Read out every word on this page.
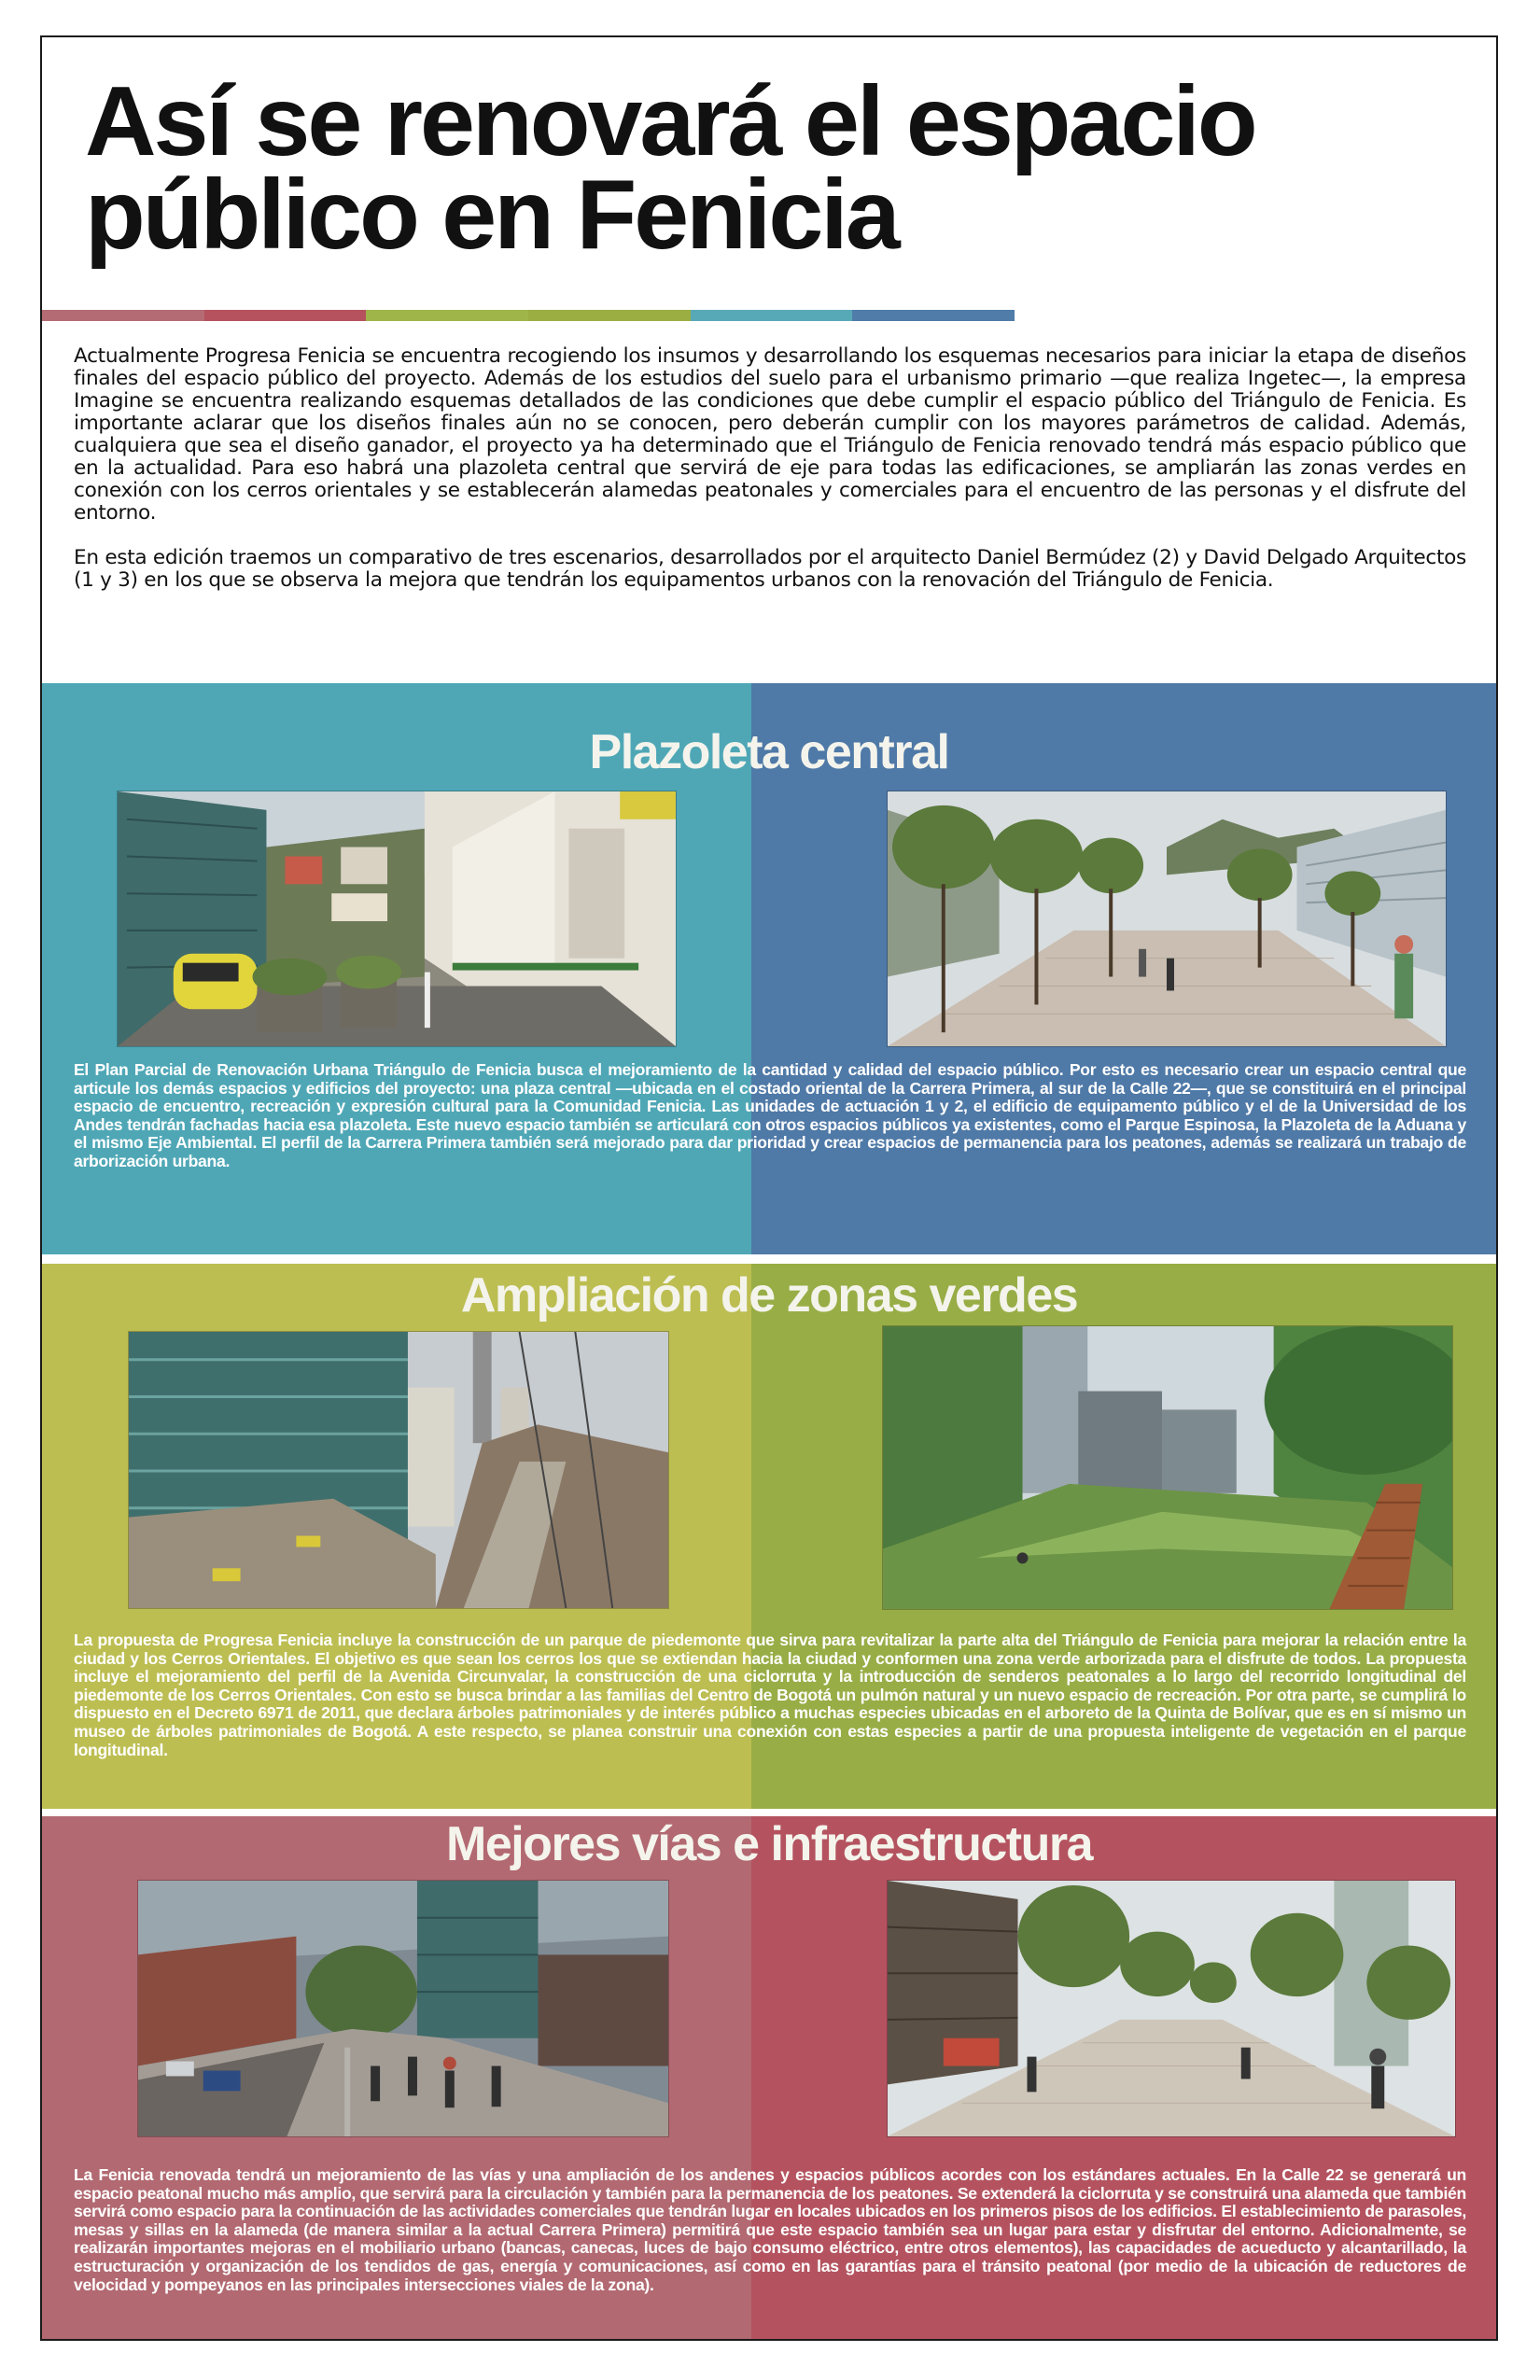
Así se renovará el espacio
público en Fenicia

Actualmente Progresa Fenicia se encuentra recogiendo los insumos y desarrollando los esquemas necesarios para iniciar la etapa de diseños finales del espacio público del proyecto. Además de los estudios del suelo para el urbanismo primario —que realiza Ingetec—, la empresa Imagine se encuentra realizando esquemas detallados de las condiciones que debe cumplir el espacio público del Triángulo de Fenicia. Es importante aclarar que los diseños finales aún no se conocen, pero deberán cumplir con los mayores parámetros de calidad. Además, cualquiera que sea el diseño ganador, el proyecto ya ha determinado que el Triángulo de Fenicia renovado tendrá más espacio público que en la actualidad. Para eso habrá una plazoleta central que servirá de eje para todas las edificaciones, se ampliarán las zonas verdes en conexión con los cerros orientales y se establecerán alamedas peatonales y comerciales para el encuentro de las personas y el disfrute del entorno.

En esta edición traemos un comparativo de tres escenarios, desarrollados por el arquitecto Daniel Bermúdez (2) y David Delgado Arquitectos (1 y 3) en los que se observa la mejora que tendrán los equipamentos urbanos con la renovación del Triángulo de Fenicia.

Plazoleta central
El Plan Parcial de Renovación Urbana Triángulo de Fenicia busca el mejoramiento de la cantidad y calidad del espacio público. Por esto es necesario crear un espacio central que articule los demás espacios y edificios del proyecto: una plaza central —ubicada en el costado oriental de la Carrera Primera, al sur de la Calle 22—, que se constituirá en el principal espacio de encuentro, recreación y expresión cultural para la Comunidad Fenicia. Las unidades de actuación 1 y 2, el edificio de equipamento público y el de la Universidad de los Andes tendrán fachadas hacia esa plazoleta. Este nuevo espacio también se articulará con otros espacios públicos ya existentes, como el Parque Espinosa, la Plazoleta de la Aduana y el mismo Eje Ambiental. El perfil de la Carrera Primera también será mejorado para dar prioridad y crear espacios de permanencia para los peatones, además se realizará un trabajo de arborización urbana.
Ampliación de zonas verdes
La propuesta de Progresa Fenicia incluye la construcción de un parque de piedemonte que sirva para revitalizar la parte alta del Triángulo de Fenicia para mejorar la relación entre la ciudad y los Cerros Orientales. El objetivo es que sean los cerros los que se extiendan hacia la ciudad y conformen una zona verde arborizada para el disfrute de todos. La propuesta incluye el mejoramiento del perfil de la Avenida Circunvalar, la construcción de una ciclorruta y la introducción de senderos peatonales a lo largo del recorrido longitudinal del piedemonte de los Cerros Orientales. Con esto se busca brindar a las familias del Centro de Bogotá un pulmón natural y un nuevo espacio de recreación. Por otra parte, se cumplirá lo dispuesto en el Decreto 6971 de 2011, que declara árboles patrimoniales y de interés público a muchas especies ubicadas en el arboreto de la Quinta de Bolívar, que es en sí mismo un museo de árboles patrimoniales de Bogotá. A este respecto, se planea construir una conexión con estas especies a partir de una propuesta inteligente de vegetación en el parque longitudinal.
Mejores vías e infraestructura
La Fenicia renovada tendrá un mejoramiento de las vías y una ampliación de los andenes y espacios públicos acordes con los estándares actuales. En la Calle 22 se generará un espacio peatonal mucho más amplio, que servirá para la circulación y también para la permanencia de los peatones. Se extenderá la ciclorruta y se construirá una alameda que también servirá como espacio para la continuación de las actividades comerciales que tendrán lugar en locales ubicados en los primeros pisos de los edificios. El establecimiento de parasoles, mesas y sillas en la alameda (de manera similar a la actual Carrera Primera) permitirá que este espacio también sea un lugar para estar y disfrutar del entorno. Adicionalmente, se realizarán importantes mejoras en el mobiliario urbano (bancas, canecas, luces de bajo consumo eléctrico, entre otros elementos), las capacidades de acueducto y alcantarillado, la estructuración y organización de los tendidos de gas, energía y comunicaciones, así como en las garantías para el tránsito peatonal (por medio de la ubicación de reductores de velocidad y pompeyanos en las principales intersecciones viales de la zona).
